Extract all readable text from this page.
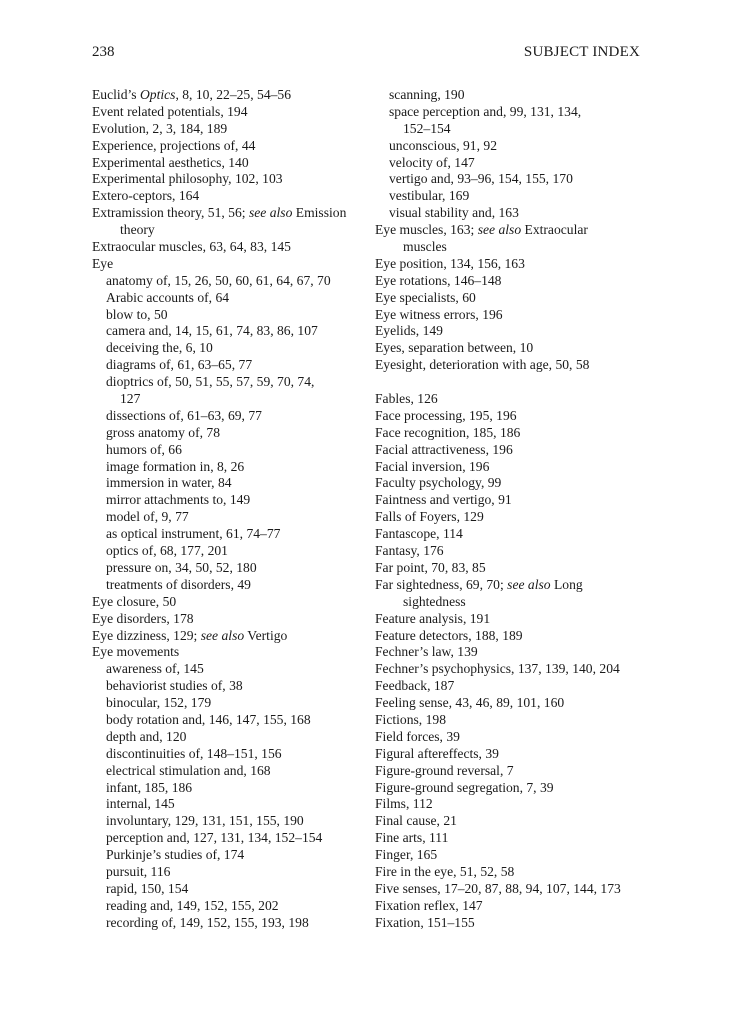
238	SUBJECT INDEX
Euclid’s Optics, 8, 10, 22–25, 54–56
Event related potentials, 194
Evolution, 2, 3, 184, 189
Experience, projections of, 44
Experimental aesthetics, 140
Experimental philosophy, 102, 103
Extero-ceptors, 164
Extramission theory, 51, 56; see also Emission
theory
Extraocular muscles, 63, 64, 83, 145
Eye
anatomy of, 15, 26, 50, 60, 61, 64, 67, 70
Arabic accounts of, 64
blow to, 50
camera and, 14, 15, 61, 74, 83, 86, 107
deceiving the, 6, 10
diagrams of, 61, 63–65, 77
dioptrics of, 50, 51, 55, 57, 59, 70, 74,
127
dissections of, 61–63, 69, 77
gross anatomy of, 78
humors of, 66
image formation in, 8, 26
immersion in water, 84
mirror attachments to, 149
model of, 9, 77
as optical instrument, 61, 74–77
optics of, 68, 177, 201
pressure on, 34, 50, 52, 180
treatments of disorders, 49
Eye closure, 50
Eye disorders, 178
Eye dizziness, 129; see also Vertigo
Eye movements
awareness of, 145
behaviorist studies of, 38
binocular, 152, 179
body rotation and, 146, 147, 155, 168
depth and, 120
discontinuities of, 148–151, 156
electrical stimulation and, 168
infant, 185, 186
internal, 145
involuntary, 129, 131, 151, 155, 190
perception and, 127, 131, 134, 152–154
Purkinje’s studies of, 174
pursuit, 116
rapid, 150, 154
reading and, 149, 152, 155, 202
recording of, 149, 152, 155, 193, 198
scanning, 190
space perception and, 99, 131, 134,
152–154
unconscious, 91, 92
velocity of, 147
vertigo and, 93–96, 154, 155, 170
vestibular, 169
visual stability and, 163
Eye muscles, 163; see also Extraocular
muscles
Eye position, 134, 156, 163
Eye rotations, 146–148
Eye specialists, 60
Eye witness errors, 196
Eyelids, 149
Eyes, separation between, 10
Eyesight, deterioration with age, 50, 58
Fables, 126
Face processing, 195, 196
Face recognition, 185, 186
Facial attractiveness, 196
Facial inversion, 196
Faculty psychology, 99
Faintness and vertigo, 91
Falls of Foyers, 129
Fantascope, 114
Fantasy, 176
Far point, 70, 83, 85
Far sightedness, 69, 70; see also Long
sightedness
Feature analysis, 191
Feature detectors, 188, 189
Fechner’s law, 139
Fechner’s psychophysics, 137, 139, 140, 204
Feedback, 187
Feeling sense, 43, 46, 89, 101, 160
Fictions, 198
Field forces, 39
Figural aftereffects, 39
Figure-ground reversal, 7
Figure-ground segregation, 7, 39
Films, 112
Final cause, 21
Fine arts, 111
Finger, 165
Fire in the eye, 51, 52, 58
Five senses, 17–20, 87, 88, 94, 107, 144, 173
Fixation reflex, 147
Fixation, 151–155
